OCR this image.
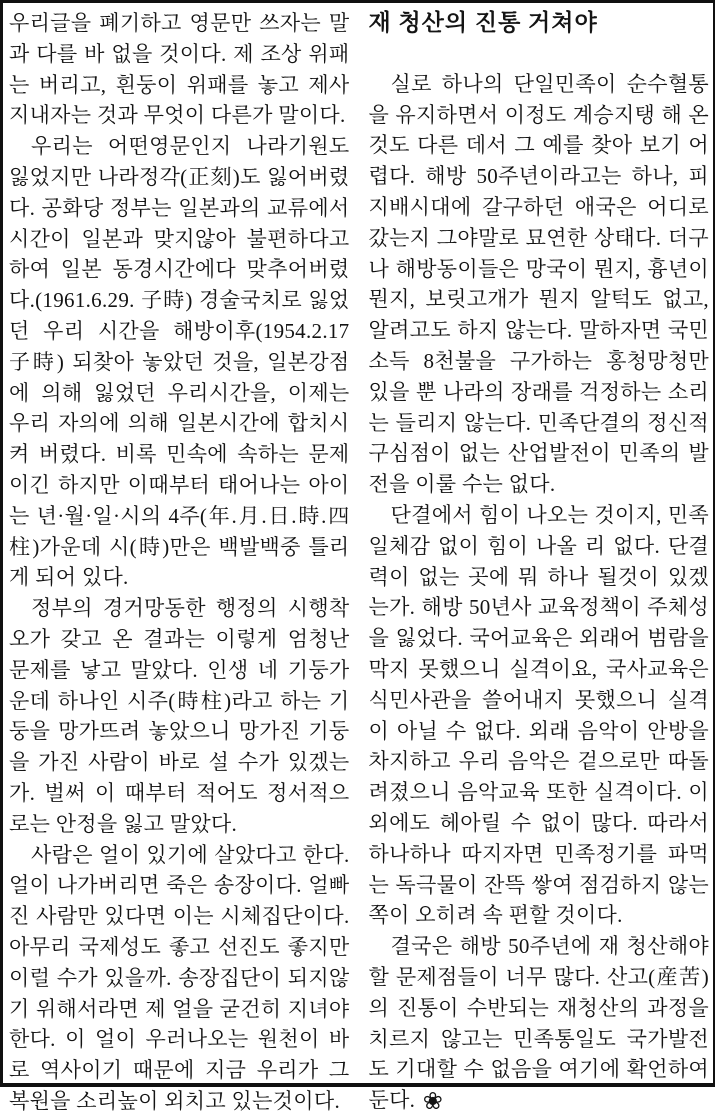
우리글을 폐기하고 영문만 쓰자는 말과 다를 바 없을 것이다. 제 조상 위패는 버리고, 흰둥이 위패를 놓고 제사지내자는 것과 무엇이 다른가 말이다.

우리는 어떤영문인지 나라기원도 잃었지만 나라정각(正刻)도 잃어버렸다. 공화당 정부는 일본과의 교류에서 시간이 일본과 맞지않아 불편하다고 하여 일본 동경시간에다 맞추어버렸다.(1961.6.29. 子時) 경술국치로 잃었던 우리 시간을 해방이후(1954.2.17 子時) 되찾아 놓았던 것을, 일본강점에 의해 잃었던 우리시간을, 이제는 우리 자의에 의해 일본시간에 합치시켜 버렸다. 비록 민속에 속하는 문제이긴 하지만 이때부터 태어나는 아이는 년·월·일·시의 4주(年.月.日.時.四柱)가운데 시(時)만은 백발백중 틀리게 되어 있다.

정부의 경거망동한 행정의 시행착오가 갖고 온 결과는 이렇게 엄청난 문제를 낳고 말았다. 인생 네 기둥가운데 하나인 시주(時柱)라고 하는 기둥을 망가뜨려 놓았으니 망가진 기둥을 가진 사람이 바로 설 수가 있겠는가. 벌써 이 때부터 적어도 정서적으로는 안정을 잃고 말았다.

사람은 얼이 있기에 살았다고 한다. 얼이 나가버리면 죽은 송장이다. 얼빠진 사람만 있다면 이는 시체집단이다. 아무리 국제성도 좋고 선진도 좋지만 이럴 수가 있을까. 송장집단이 되지않기 위해서라면 제 얼을 굳건히 지녀야 한다. 이 얼이 우러나오는 원천이 바로 역사이기 때문에 지금 우리가 그 복원을 소리높이 외치고 있는것이다.

재 청산의 진통 거쳐야

실로 하나의 단일민족이 순수혈통을 유지하면서 이정도 계승지탱 해 온 것도 다른 데서 그 예를 찾아 보기 어렵다. 해방 50주년이라고는 하나, 피 지배시대에 갈구하던 애국은 어디로 갔는지 그야말로 묘연한 상태다. 더구나 해방동이들은 망국이 뭔지, 흉년이 뭔지, 보릿고개가 뭔지 알턱도 없고, 알려고도 하지 않는다. 말하자면 국민소득 8천불을 구가하는 홍청망청만 있을 뿐 나라의 장래를 걱정하는 소리는 들리지 않는다. 민족단결의 정신적 구심점이 없는 산업발전이 민족의 발전을 이룰 수는 없다.

단결에서 힘이 나오는 것이지, 민족일체감 없이 힘이 나올 리 없다. 단결력이 없는 곳에 뭐 하나 될것이 있겠는가. 해방 50년사 교육정책이 주체성을 잃었다. 국어교육은 외래어 범람을 막지 못했으니 실격이요, 국사교육은 식민사관을 쓸어내지 못했으니 실격이 아닐 수 없다. 외래 음악이 안방을 차지하고 우리 음악은 겉으로만 따돌려졌으니 음악교육 또한 실격이다. 이 외에도 헤아릴 수 없이 많다. 따라서 하나하나 따지자면 민족정기를 파먹는 독극물이 잔뜩 쌓여 점검하지 않는 쪽이 오히려 속 편할 것이다.

결국은 해방 50주년에 재 청산해야 할 문제점들이 너무 많다. 산고(産苦)의 진통이 수반되는 재청산의 과정을 치르지 않고는 민족통일도 국가발전도 기대할 수 없음을 여기에 확언하여 둔다. ❀
